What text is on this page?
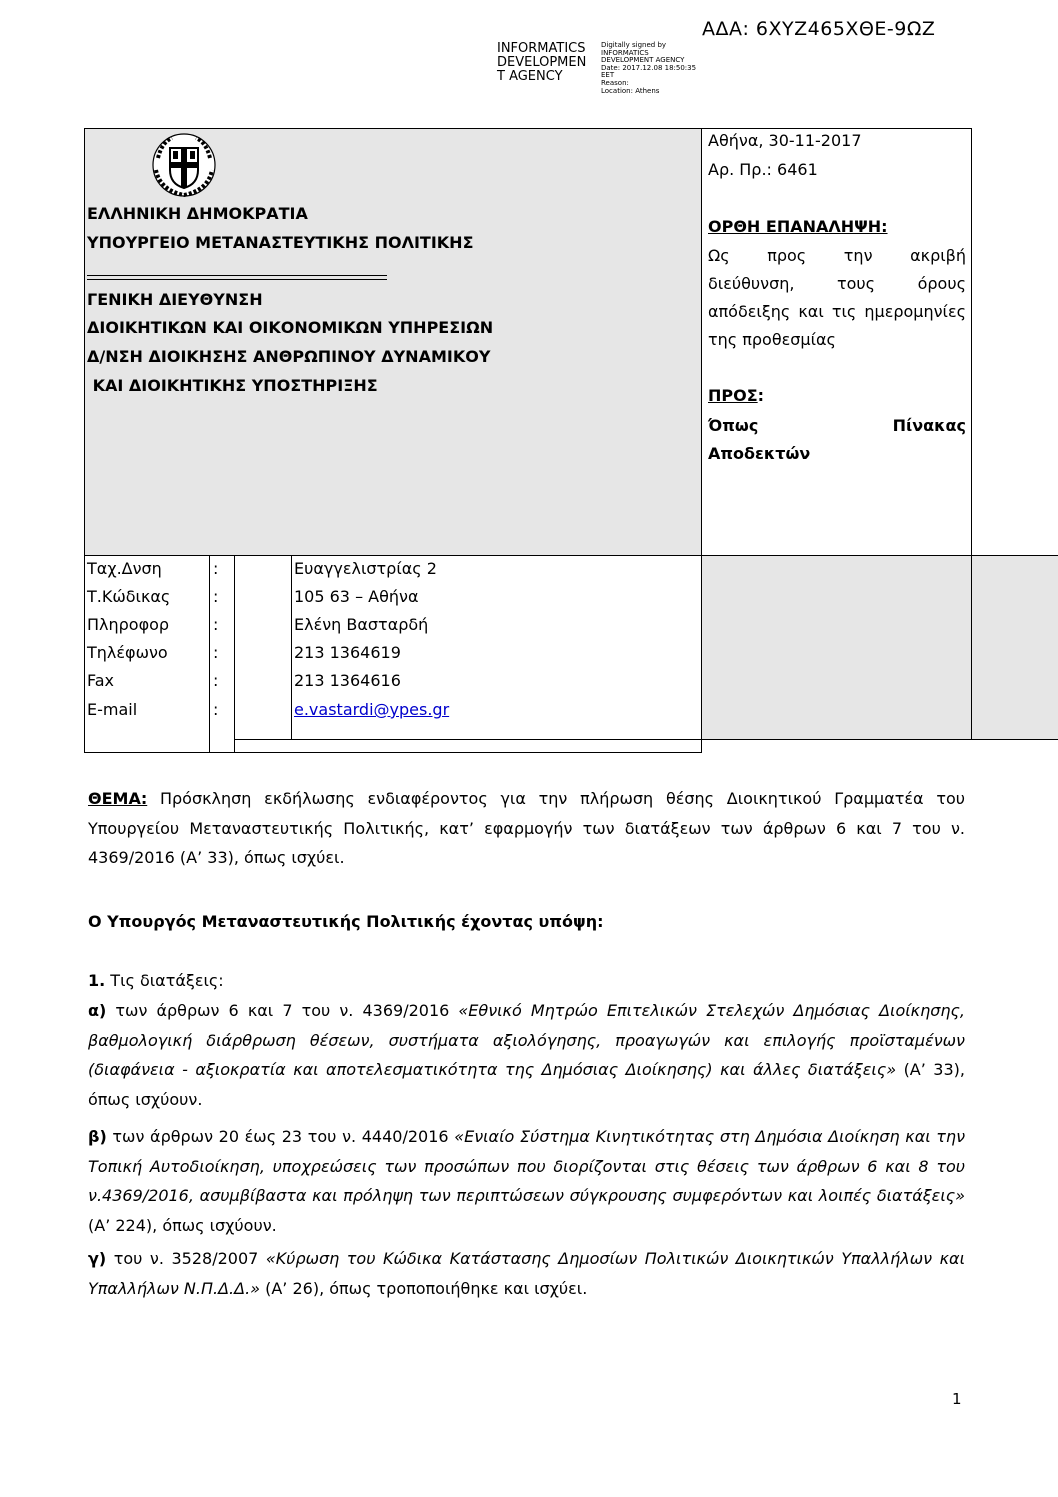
ΑΔΑ: 6ΧΥΖ465ΧΘΕ-9ΩΖ
INFORMATICS
DEVELOPMEN
T AGENCY
Digitally signed by
INFORMATICS
DEVELOPMENT AGENCY
Date: 2017.12.08 18:50:35
EET
Reason:
Location: Athens
ΕΛΛΗΝΙΚΗ ΔΗΜΟΚΡΑΤΙΑ
ΥΠΟΥΡΓΕΙΟ ΜΕΤΑΝΑΣΤΕΥΤΙΚΗΣ ΠΟΛΙΤΙΚΗΣ
ΓΕΝΙΚΗ ΔΙΕΥΘΥΝΣΗ
ΔΙΟΙΚΗΤΙΚΩΝ ΚΑΙ ΟΙΚΟΝΟΜΙΚΩΝ ΥΠΗΡΕΣΙΩΝ
Δ/ΝΣΗ ΔΙΟΙΚΗΣΗΣ ΑΝΘΡΩΠΙΝΟΥ ΔΥΝΑΜΙΚΟΥ
ΚΑΙ ΔΙΟΙΚΗΤΙΚΗΣ ΥΠΟΣΤΗΡΙΞΗΣ
Αθήνα, 30-11-2017
Αρ. Πρ.: 6461
ΟΡΘΗ ΕΠΑΝΑΛΗΨΗ:
Ως προς την ακριβή
διεύθυνση, τους όρους
απόδειξης και τις ημερομηνίες
της προθεσμίας
ΠΡΟΣ:
Όπως Πίνακας
Αποδεκτών
Ταχ.Δνση
Τ.Κώδικας
Πληροφορ
Τηλέφωνο
Fax
E-mail
:
:
:
:
:
:
Ευαγγελιστρίας 2
105 63 – Αθήνα
Ελένη Βασταρδή
213 1364619
213 1364616
e.vastardi@ypes.gr
ΘΕΜΑ: Πρόσκληση εκδήλωσης ενδιαφέροντος για την πλήρωση θέσης Διοικητικού Γραμματέα του Υπουργείου Μεταναστευτικής Πολιτικής, κατ’ εφαρμογήν των διατάξεων των άρθρων 6 και 7 του ν. 4369/2016 (Α’ 33), όπως ισχύει.
Ο Υπουργός Μεταναστευτικής Πολιτικής έχοντας υπόψη:
1. Τις διατάξεις:
α) των άρθρων 6 και 7 του ν. 4369/2016 «Εθνικό Μητρώο Επιτελικών Στελεχών Δημόσιας Διοίκησης, βαθμολογική διάρθρωση θέσεων, συστήματα αξιολόγησης, προαγωγών και επιλογής προϊσταμένων (διαφάνεια - αξιοκρατία και αποτελεσματικότητα της Δημόσιας Διοίκησης) και άλλες διατάξεις» (Α’ 33), όπως ισχύουν.
β) των άρθρων 20 έως 23 του ν. 4440/2016 «Ενιαίο Σύστημα Κινητικότητας στη Δημόσια Διοίκηση και την Τοπική Αυτοδιοίκηση, υποχρεώσεις των προσώπων που διορίζονται στις θέσεις των άρθρων 6 και 8 του ν.4369/2016, ασυμβίβαστα και πρόληψη των περιπτώσεων σύγκρουσης συμφερόντων και λοιπές διατάξεις» (Α’ 224), όπως ισχύουν.
γ) του ν. 3528/2007 «Κύρωση του Κώδικα Κατάστασης Δημοσίων Πολιτικών Διοικητικών Υπαλλήλων και Υπαλλήλων Ν.Π.Δ.Δ.» (Α’ 26), όπως τροποποιήθηκε και ισχύει.
1
